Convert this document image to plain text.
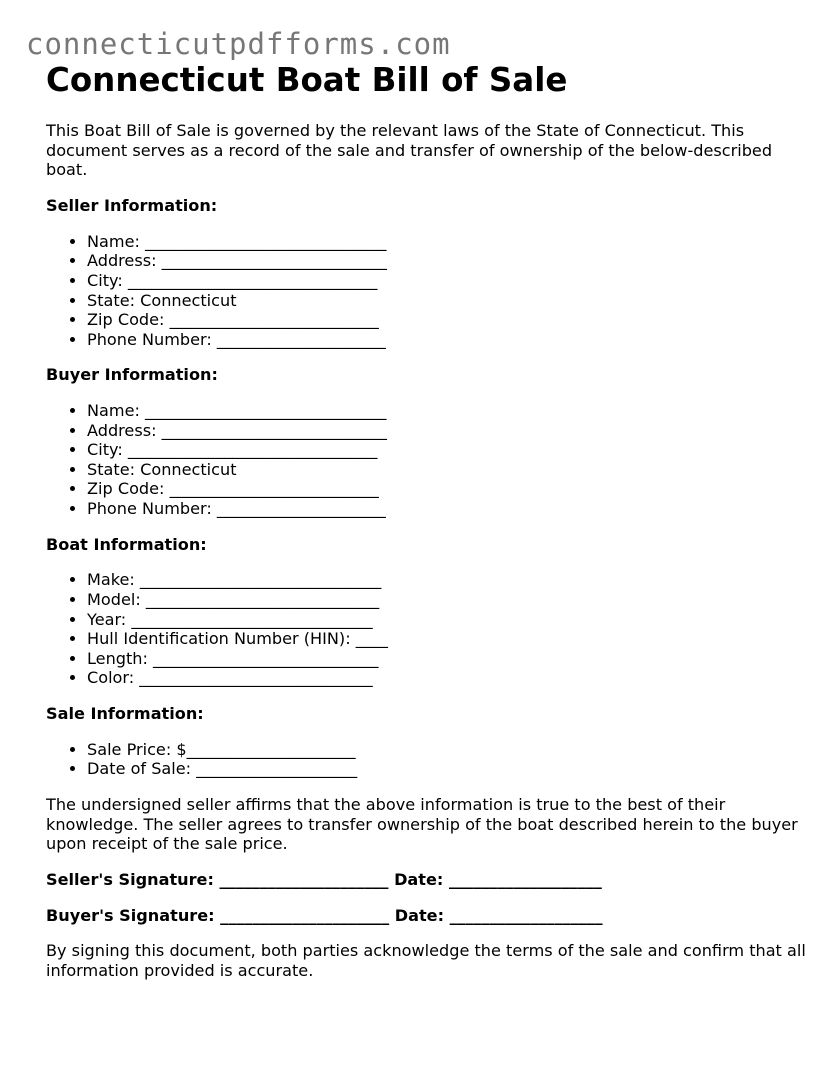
connecticutpdfforms.com
Connecticut Boat Bill of Sale

This Boat Bill of Sale is governed by the relevant laws of the State of Connecticut. This document serves as a record of the sale and transfer of ownership of the below-described boat.

Seller Information:
• Name: ______________________________
• Address: ____________________________
• City: _______________________________
• State: Connecticut
• Zip Code: __________________________
• Phone Number: _____________________
Buyer Information:
• Name: ______________________________
• Address: ____________________________
• City: _______________________________
• State: Connecticut
• Zip Code: __________________________
• Phone Number: _____________________
Boat Information:
• Make: ______________________________
• Model: _____________________________
• Year: ______________________________
• Hull Identification Number (HIN): ____
• Length: ____________________________
• Color: _____________________________
Sale Information:
• Sale Price: $_____________________
• Date of Sale: ____________________

The undersigned seller affirms that the above information is true to the best of their knowledge. The seller agrees to transfer ownership of the boat described herein to the buyer upon receipt of the sale price.

Seller's Signature: _____________________ Date: ___________________

Buyer's Signature: _____________________ Date: ___________________

By signing this document, both parties acknowledge the terms of the sale and confirm that all information provided is accurate.
